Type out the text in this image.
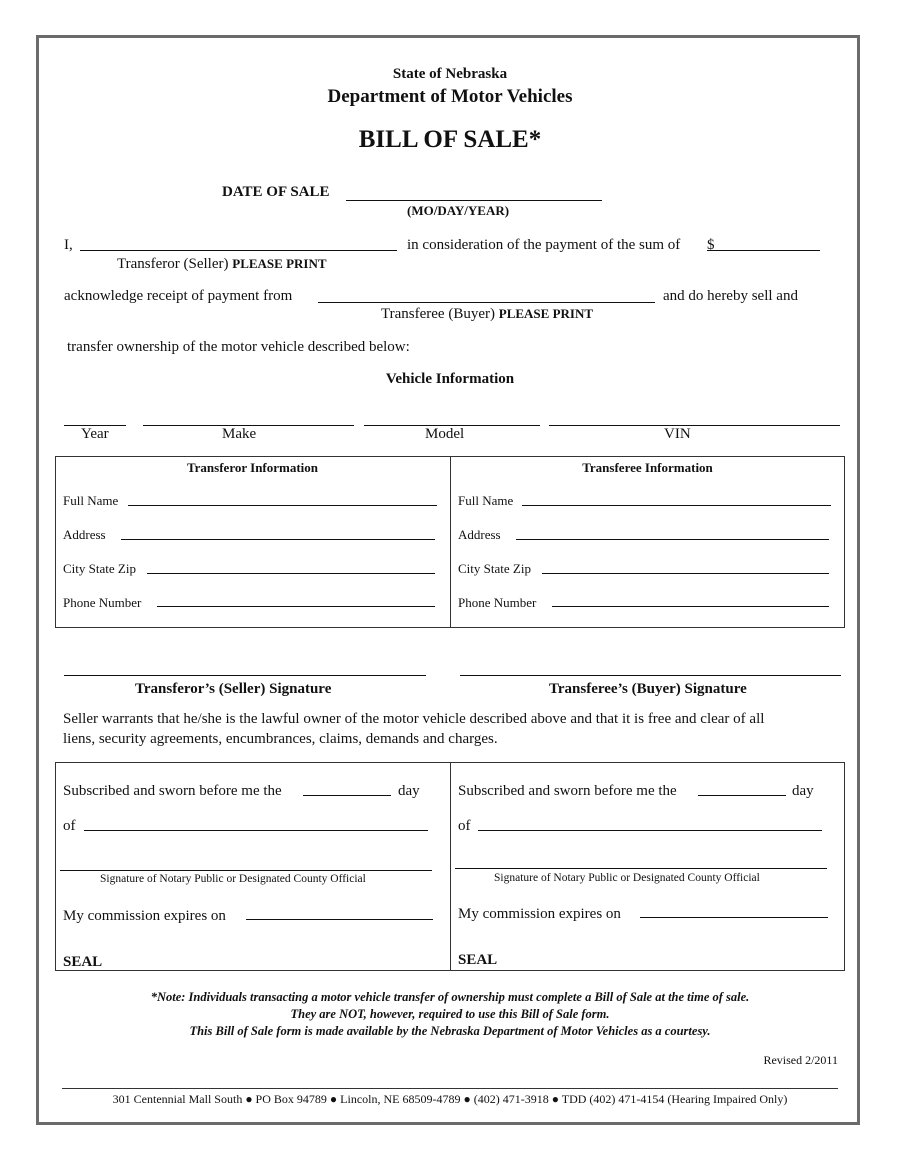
State of Nebraska
Department of Motor Vehicles
BILL OF SALE*
DATE OF SALE
(MO/DAY/YEAR)
I,	in consideration of the payment of the sum of $
Transferor (Seller) PLEASE PRINT
acknowledge receipt of payment from	and do hereby sell and
Transferee (Buyer) PLEASE PRINT
transfer ownership of the motor vehicle described below:
Vehicle Information
Year	Make	Model	VIN
Transferor Information	Transferee Information
Full Name
Address
City State Zip
Phone Number
Full Name
Address
City State Zip
Phone Number
Transferor’s (Seller) Signature	Transferee’s (Buyer) Signature
Seller warrants that he/she is the lawful owner of the motor vehicle described above and that it is free and clear of all
liens, security agreements, encumbrances, claims, demands and charges.
Subscribed and sworn before me the	day
of
Signature of Notary Public or Designated County Official
My commission expires on
SEAL
Subscribed and sworn before me the	day
of
Signature of Notary Public or Designated County Official
My commission expires on
SEAL
*Note: Individuals transacting a motor vehicle transfer of ownership must complete a Bill of Sale at the time of sale.
They are NOT, however, required to use this Bill of Sale form.
This Bill of Sale form is made available by the Nebraska Department of Motor Vehicles as a courtesy.
Revised 2/2011
301 Centennial Mall South ● PO Box 94789 ● Lincoln, NE 68509-4789 ● (402) 471-3918 ● TDD (402) 471-4154 (Hearing Impaired Only)
